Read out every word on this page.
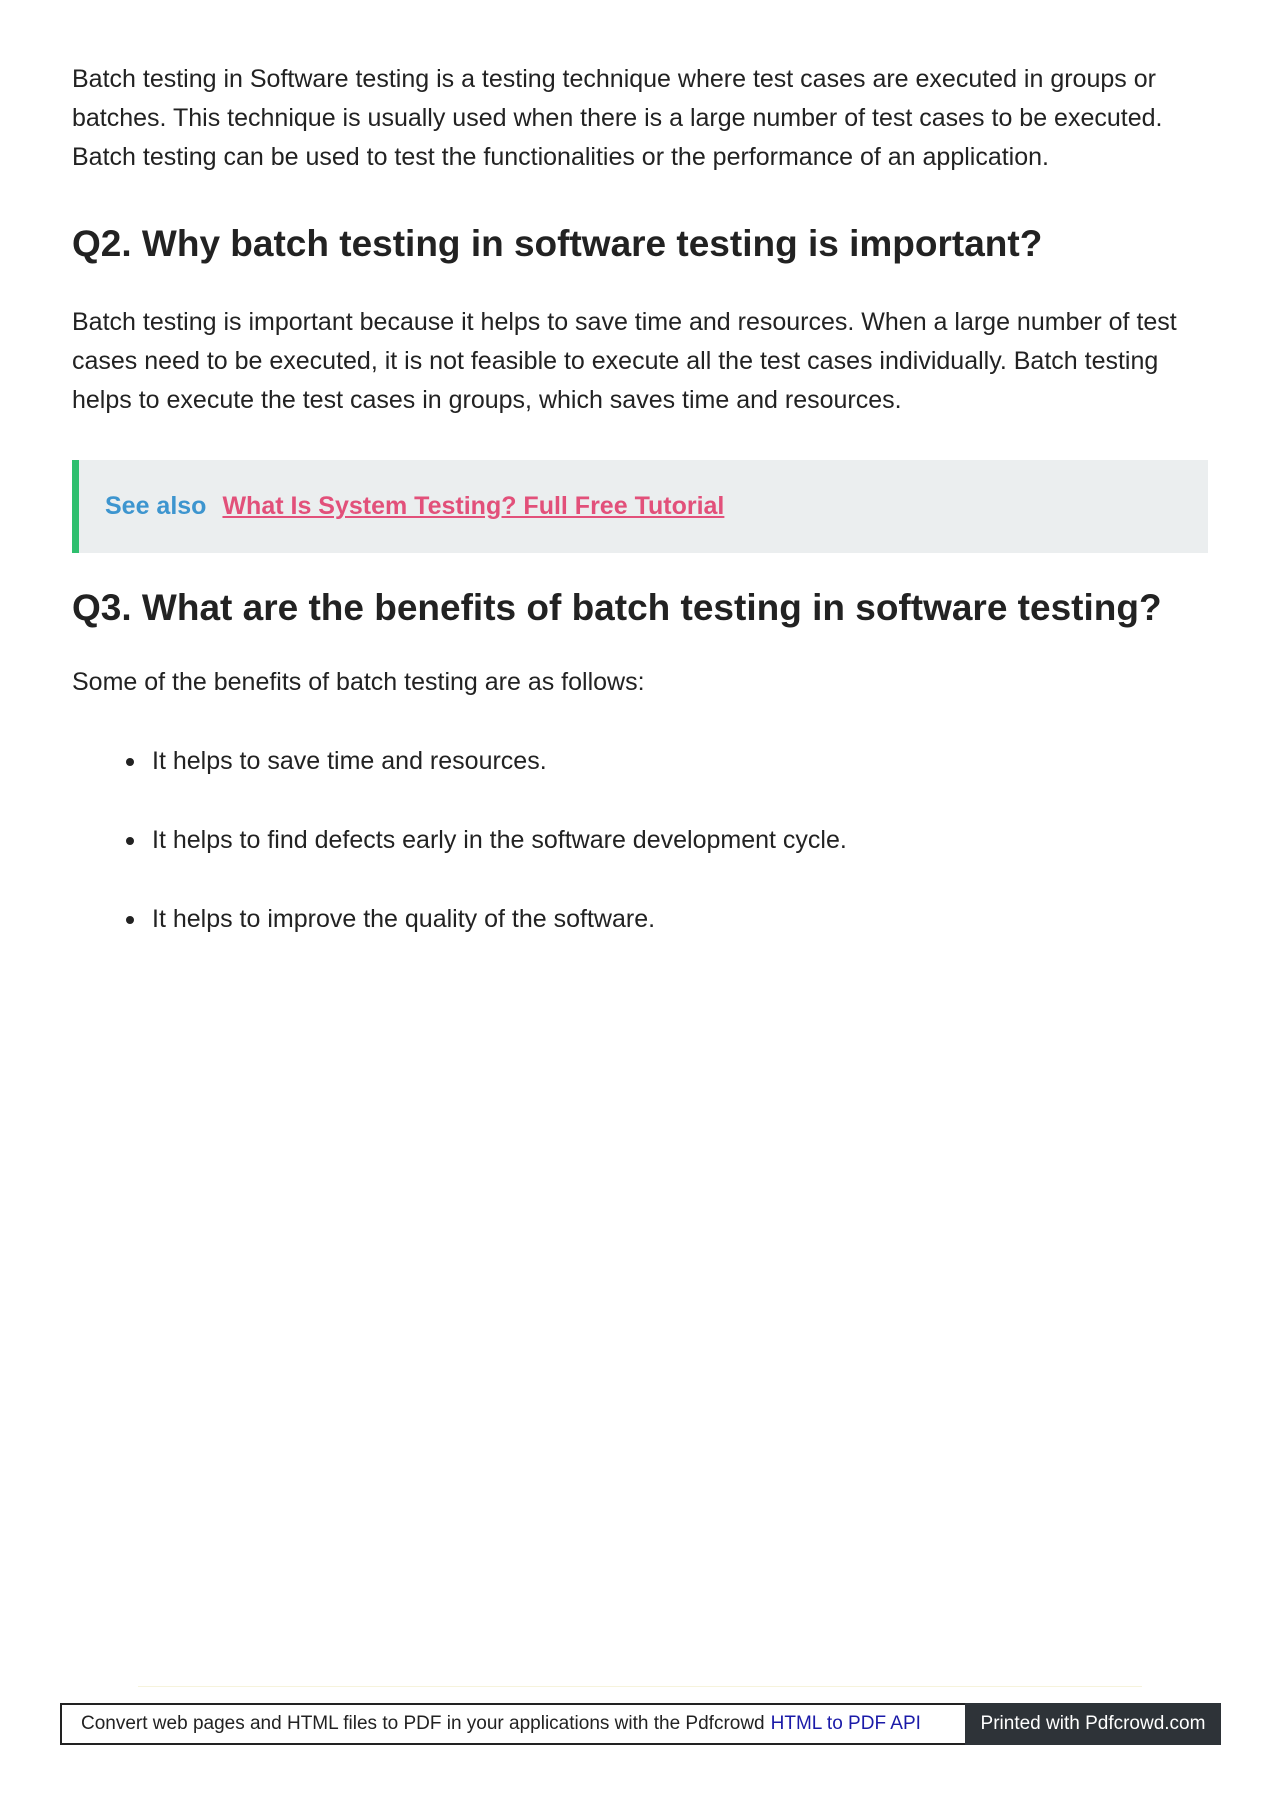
Batch testing in Software testing is a testing technique where test cases are executed in groups or batches. This technique is usually used when there is a large number of test cases to be executed. Batch testing can be used to test the functionalities or the performance of an application.

Q2. Why batch testing in software testing is important?

Batch testing is important because it helps to save time and resources. When a large number of test cases need to be executed, it is not feasible to execute all the test cases individually. Batch testing helps to execute the test cases in groups, which saves time and resources.

See also What Is System Testing? Full Free Tutorial
Q3. What are the benefits of batch testing in software testing?

Some of the benefits of batch testing are as follows:

It helps to save time and resources.
It helps to find defects early in the software development cycle.
It helps to improve the quality of the software.
Convert web pages and HTML files to PDF in your applications with the Pdfcrowd HTML to PDF API	Printed with Pdfcrowd.com
